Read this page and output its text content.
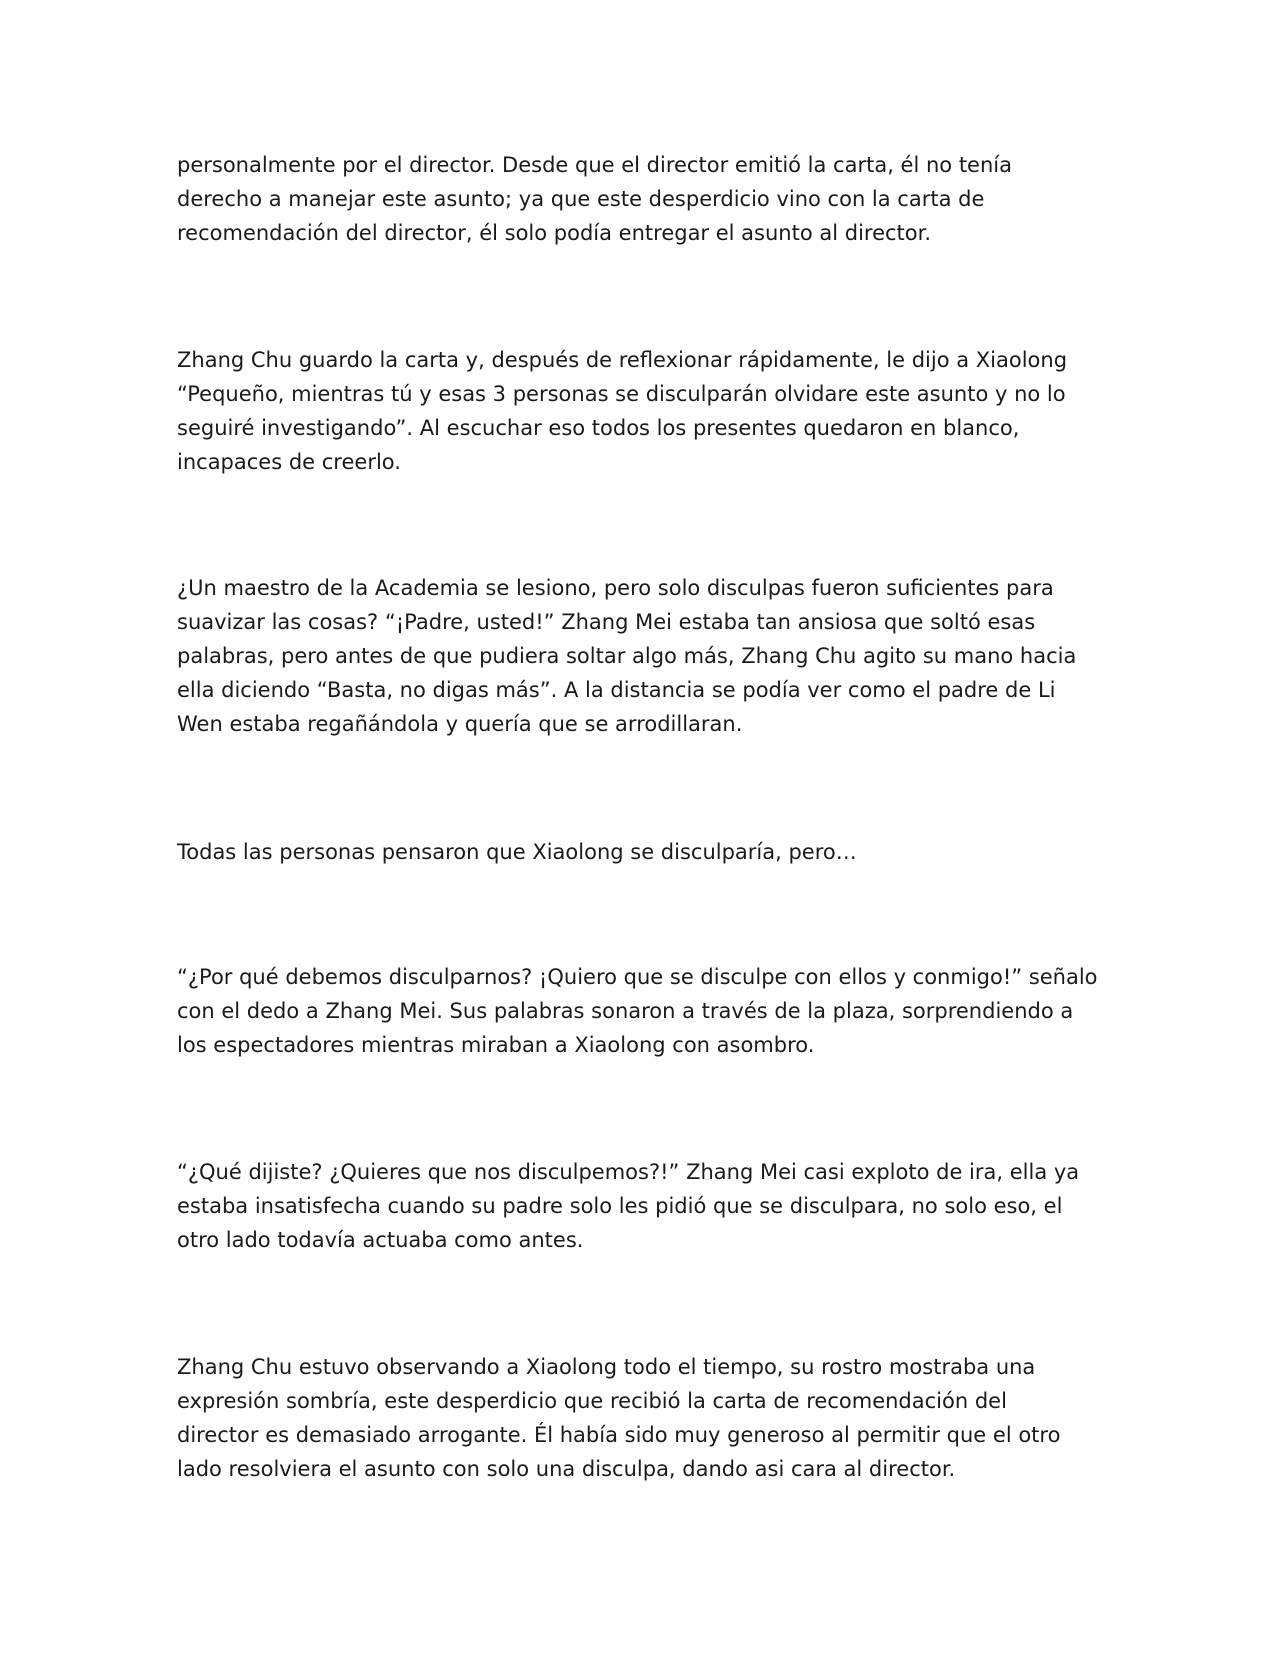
personalmente por el director. Desde que el director emitió la carta, él no tenía
derecho a manejar este asunto; ya que este desperdicio vino con la carta de
recomendación del director, él solo podía entregar el asunto al director.

Zhang Chu guardo la carta y, después de reflexionar rápidamente, le dijo a Xiaolong
“Pequeño, mientras tú y esas 3 personas se disculparán olvidare este asunto y no lo
seguiré investigando”. Al escuchar eso todos los presentes quedaron en blanco,
incapaces de creerlo.

¿Un maestro de la Academia se lesiono, pero solo disculpas fueron suficientes para
suavizar las cosas? “¡Padre, usted!” Zhang Mei estaba tan ansiosa que soltó esas
palabras, pero antes de que pudiera soltar algo más, Zhang Chu agito su mano hacia
ella diciendo “Basta, no digas más”. A la distancia se podía ver como el padre de Li
Wen estaba regañándola y quería que se arrodillaran.

Todas las personas pensaron que Xiaolong se disculparía, pero…

“¿Por qué debemos disculparnos? ¡Quiero que se disculpe con ellos y conmigo!” señalo
con el dedo a Zhang Mei. Sus palabras sonaron a través de la plaza, sorprendiendo a
los espectadores mientras miraban a Xiaolong con asombro.

“¿Qué dijiste? ¿Quieres que nos disculpemos?!” Zhang Mei casi exploto de ira, ella ya
estaba insatisfecha cuando su padre solo les pidió que se disculpara, no solo eso, el
otro lado todavía actuaba como antes.

Zhang Chu estuvo observando a Xiaolong todo el tiempo, su rostro mostraba una
expresión sombría, este desperdicio que recibió la carta de recomendación del
director es demasiado arrogante. Él había sido muy generoso al permitir que el otro
lado resolviera el asunto con solo una disculpa, dando asi cara al director.
